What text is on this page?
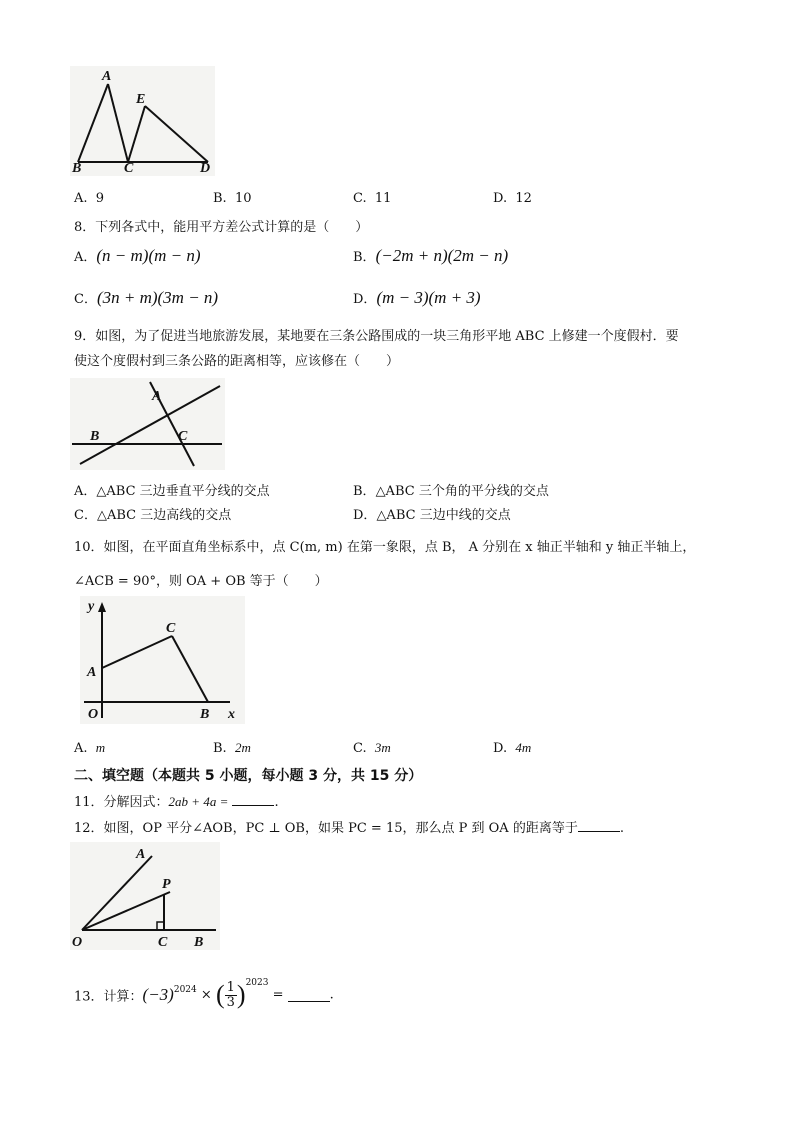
A
B	C	D
E
A. 9	B. 10	C. 11	D. 12
8．下列各式中，能用平方差公式计算的是（　　）
A．(n − m)(m − n)	B．(−2m + n)(2m − n)
C．(3n + m)(3m − n)	D．(m − 3)(m + 3)
9．如图，为了促进当地旅游发展，某地要在三条公路围成的一块三角形平地 ABC 上修建一个度假村．要
使这个度假村到三条公路的距离相等，应该修在（　　）
A
B	C
A．△ABC 三边垂直平分线的交点	B．△ABC 三个角的平分线的交点
C．△ABC 三边高线的交点	D．△ABC 三边中线的交点
10．如图，在平面直角坐标系中，点 C(m, m) 在第一象限，点 B， A 分别在 x 轴正半轴和 y 轴正半轴上，
∠ACB = 90°，则 OA + OB 等于（　　）
y
x
O
A
B
C
A. m	B. 2m	C. 3m	D. 4m
二、填空题（本题共 5 小题，每小题 3 分，共 15 分）
11．分解因式：2ab + 4a =	.
12．如图，OP 平分∠AOB，PC ⊥ OB，如果 PC = 15，那么点 P 到 OA 的距离等于	.
A
P
O	C B
13．计算：$(-3)^{2024}$ × ( $\frac{1}{3} )^{2023}$ =	.
